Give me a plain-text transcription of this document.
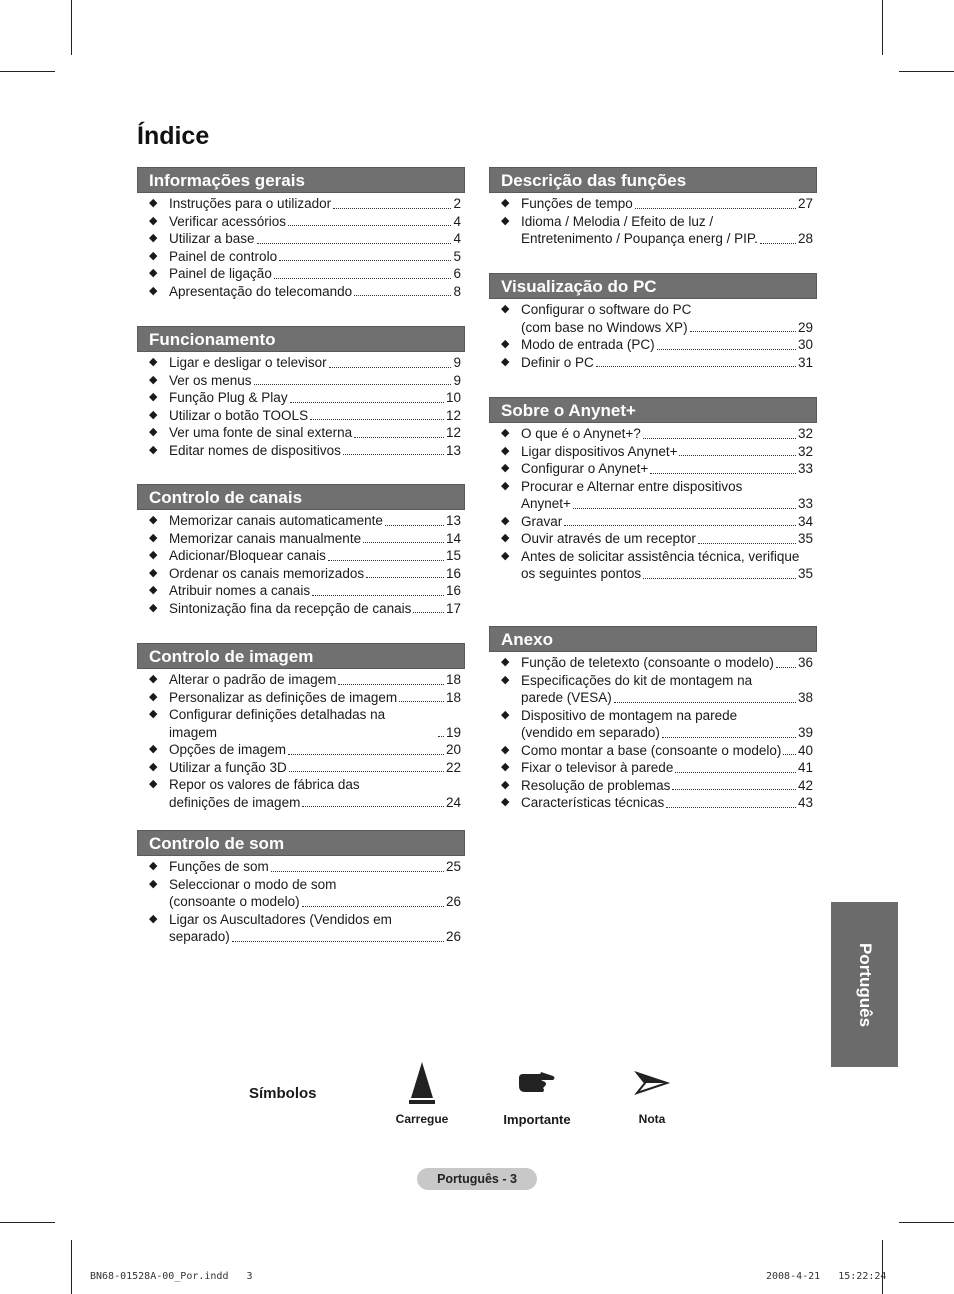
Índice
Informações gerais
◆ Instruções para o utilizador	2
◆ Verificar acessórios	4
◆ Utilizar a base	4
◆ Painel de controlo	5
◆ Painel de ligação	6
◆ Apresentação do telecomando	8
Funcionamento
◆ Ligar e desligar o televisor	9
◆ Ver os menus	9
◆ Função Plug & Play	10
◆ Utilizar o botão TOOLS	12
◆ Ver uma fonte de sinal externa	12
◆ Editar nomes de dispositivos	13
Controlo de canais
◆ Memorizar canais automaticamente	13
◆ Memorizar canais manualmente	14
◆ Adicionar/Bloquear canais	15
◆ Ordenar os canais memorizados	16
◆ Atribuir nomes a canais	16
◆ Sintonização fina da recepção de canais	17
Controlo de imagem
◆ Alterar o padrão de imagem	18
◆ Personalizar as definições de imagem	18
◆ Configurar definições detalhadas na imagem	19
◆ Opções de imagem	20
◆ Utilizar a função 3D	22
◆ Repor os valores de fábrica das
definições de imagem	24
Controlo de som
◆ Funções de som	25
◆ Seleccionar o modo de som
(consoante o modelo)	26
◆ Ligar os Auscultadores (Vendidos em
separado)	26
Descrição das funções
◆ Funções de tempo	27
◆ Idioma / Melodia / Efeito de luz /
Entretenimento / Poupança energ / PIP.	28
Visualização do PC
◆ Configurar o software do PC
(com base no Windows XP)	29
◆ Modo de entrada (PC)	30
◆ Definir o PC	31
Sobre o Anynet+
◆ O que é o Anynet+?	32
◆ Ligar dispositivos Anynet+	32
◆ Configurar o Anynet+	33
◆ Procurar e Alternar entre dispositivos
Anynet+	33
◆ Gravar	34
◆ Ouvir através de um receptor	35
◆ Antes de solicitar assistência técnica, verifique
os seguintes pontos	35
Anexo
◆ Função de teletexto (consoante o modelo) 36
◆ Especificações do kit de montagem na
parede (VESA)	38
◆ Dispositivo de montagem na parede
(vendido em separado)	39
◆ Como montar a base (consoante o modelo) 40
◆ Fixar o televisor à parede	41
◆ Resolução de problemas	42
◆ Características técnicas	43
Português
Símbolos
Carregue	Importante	Nota
Português - 3
BN68-01528A-00_Por.indd   3	2008-4-21   15:22:24
